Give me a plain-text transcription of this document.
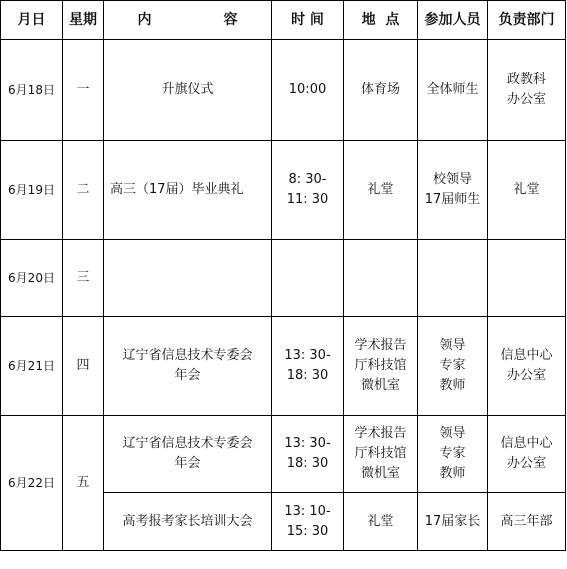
月日	星期	内 容	时 间	地  点	参加人员	负责部门
6月18日	一	升旗仪式	10:00	体育场	全体师生	政教科
办公室
6月19日	二	高三（17届）毕业典礼	8: 30-
11: 30	礼堂	校领导
17届师生	礼堂
6月20日	三					
6月21日	四	辽宁省信息技术专委会
年会	13: 30-
18: 30	学术报告
厅科技馆
微机室	领导
专家
教师	信息中心
办公室
6月22日	五	辽宁省信息技术专委会
年会	13: 30-
18: 30	学术报告
厅科技馆
微机室	领导
专家
教师	信息中心
办公室
		高考报考家长培训大会	13: 10-
15: 30	礼堂	17届家长	高三年部
